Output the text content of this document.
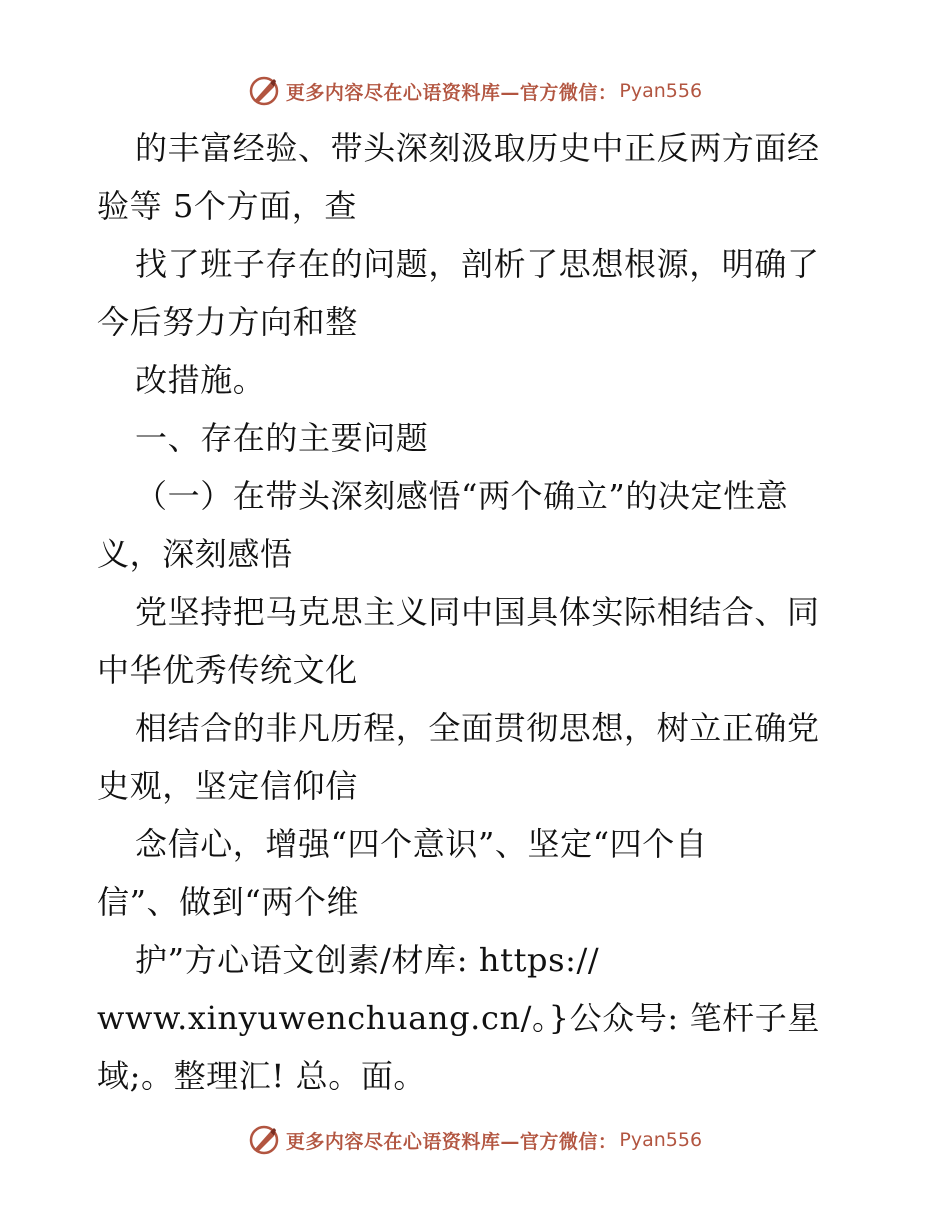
更多内容尽在心语资料库—官方微信： Pyan556
的丰富经验、带头深刻汲取历史中正反两方面经
验等 5个方面，查
找了班子存在的问题，剖析了思想根源，明确了
今后努力方向和整
改措施。
一、存在的主要问题
（一）在带头深刻感悟“两个确立”的决定性意
义，深刻感悟
党坚持把马克思主义同中国具体实际相结合、同
中华优秀传统文化
相结合的非凡历程，全面贯彻思想，树立正确党
史观，坚定信仰信
念信心，增强“四个意识”、坚定“四个自
信”、做到“两个维
护”方心语文创素/材库: https://
www.xinyuwenchuang.cn/。}公众号: 笔杆子星
域;。整理汇! 总。面。
更多内容尽在心语资料库—官方微信： Pyan556
